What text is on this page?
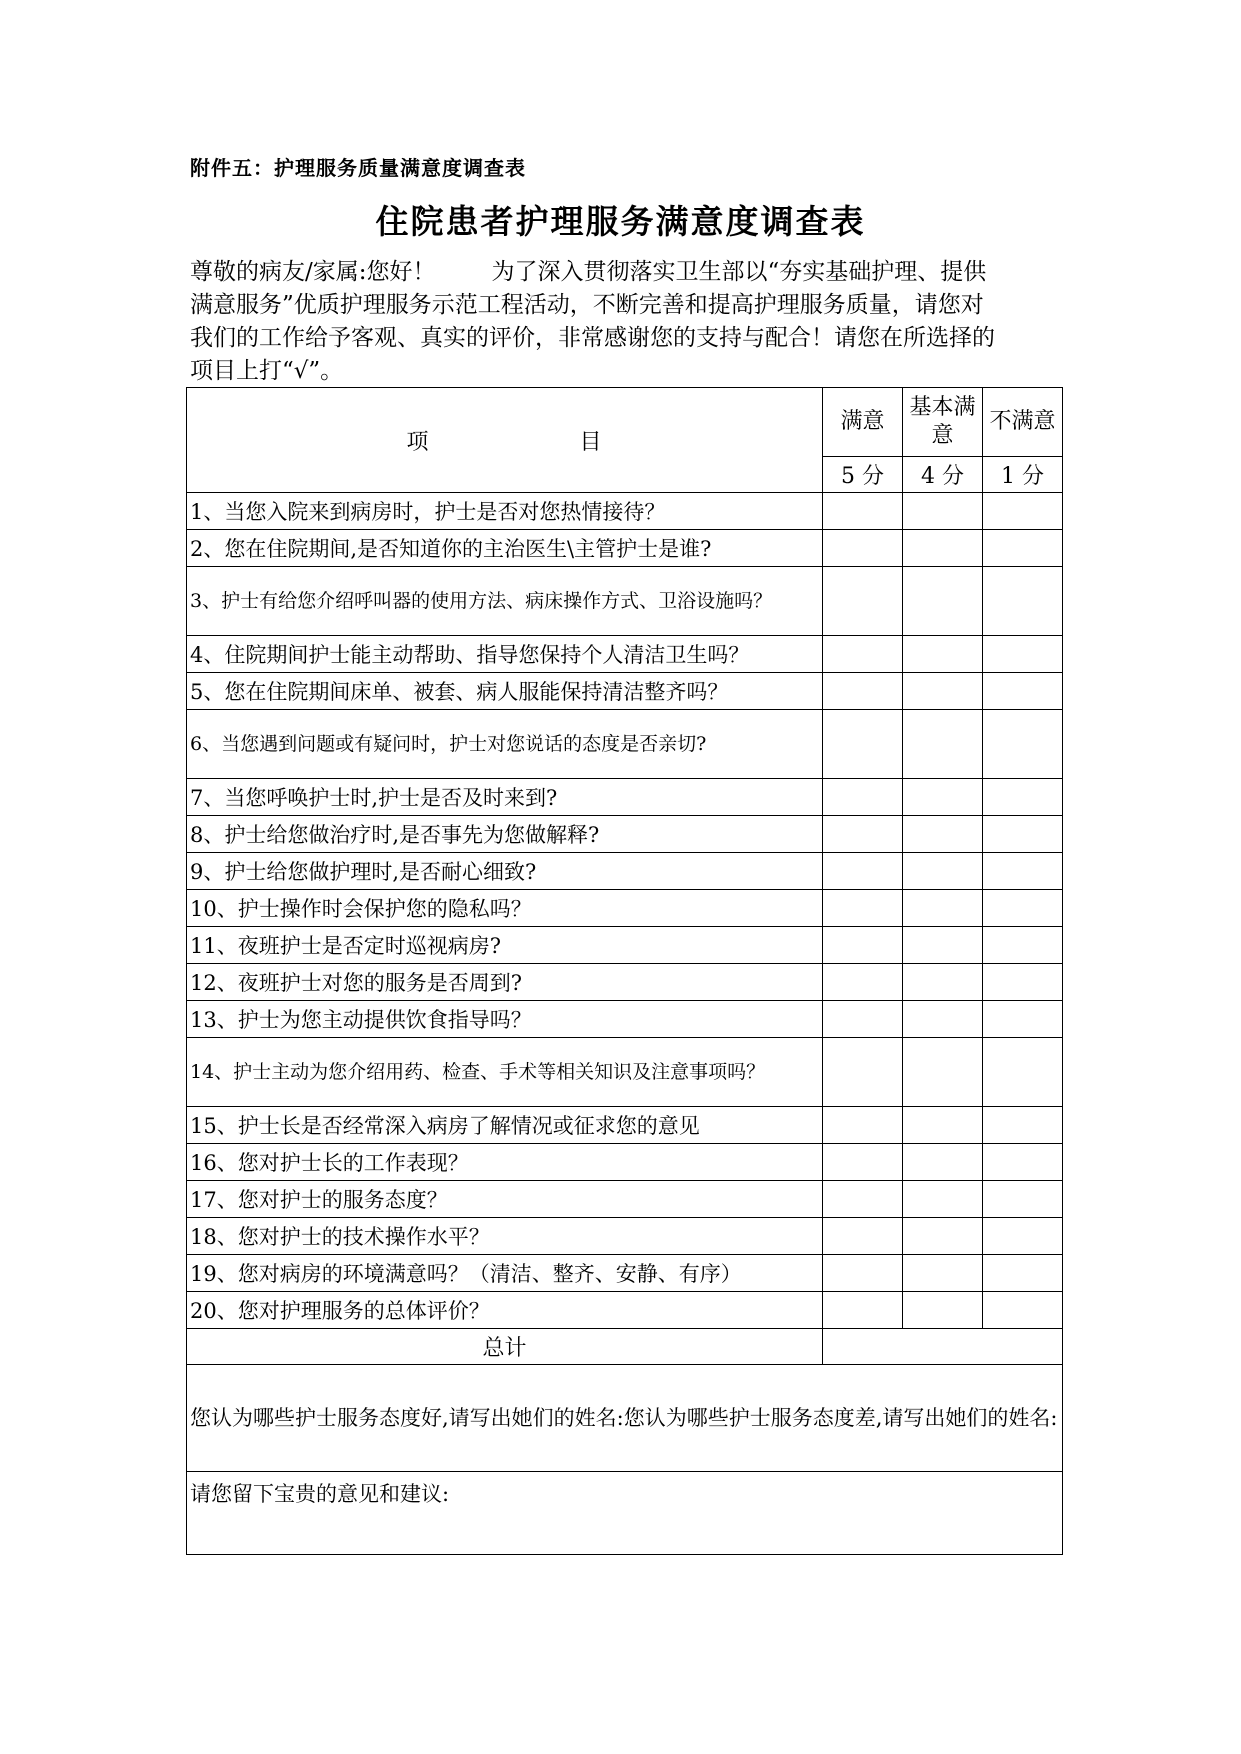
附件五：护理服务质量满意度调查表
住院患者护理服务满意度调查表
尊敬的病友/家属:您好！ 为了深入贯彻落实卫生部以“夯实基础护理、提供
满意服务”优质护理服务示范工程活动，不断完善和提高护理服务质量，请您对
我们的工作给予客观、真实的评价，非常感谢您的支持与配合！请您在所选择的
项目上打“√”。
项 目	满意	基本满意	不满意
	5 分	4 分	1 分
1、当您入院来到病房时，护士是否对您热情接待？			
2、您在住院期间,是否知道你的主治医生\主管护士是谁?			
3、护士有给您介绍呼叫器的使用方法、病床操作方式、卫浴设施吗？			
4、住院期间护士能主动帮助、指导您保持个人清洁卫生吗？			
5、您在住院期间床单、被套、病人服能保持清洁整齐吗？			
6、当您遇到问题或有疑问时，护士对您说话的态度是否亲切?			
7、当您呼唤护士时,护士是否及时来到?			
8、护士给您做治疗时,是否事先为您做解释?			
9、护士给您做护理时,是否耐心细致?			
10、护士操作时会保护您的隐私吗？			
11、夜班护士是否定时巡视病房?			
12、夜班护士对您的服务是否周到?			
13、护士为您主动提供饮食指导吗？			
14、护士主动为您介绍用药、检查、手术等相关知识及注意事项吗？			
15、护士长是否经常深入病房了解情况或征求您的意见			
16、您对护士长的工作表现？			
17、您对护士的服务态度？			
18、您对护士的技术操作水平？			
19、您对病房的环境满意吗？（清洁、整齐、安静、有序）			
20、您对护理服务的总体评价？			
总计			
您认为哪些护士服务态度好,请写出她们的姓名:您认为哪些护士服务态度差,请写出她们的姓名:			
请您留下宝贵的意见和建议:			
